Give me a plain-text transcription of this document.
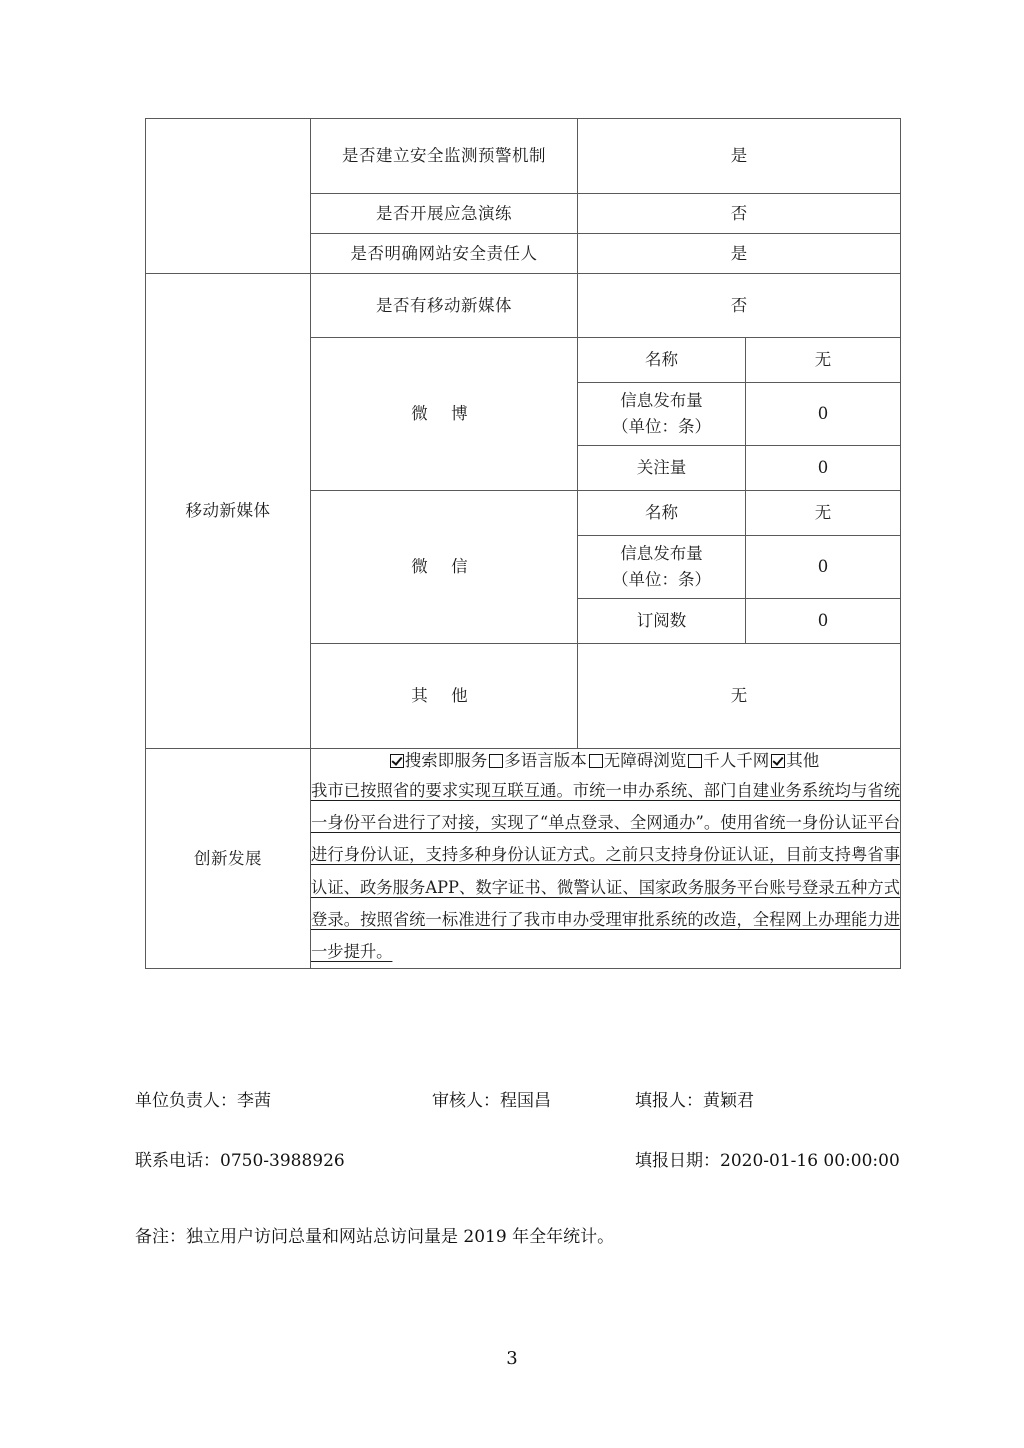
	是否建立安全监测预警机制	是	
	是否开展应急演练	否	
	是否明确网站安全责任人	是	
移动新媒体	是否有移动新媒体	否	
	微 博	名称	无

		信息发布量
（单位：条）	0
		关注量	0
	微 信	名称	无

		信息发布量
（单位：条）	0
		订阅数	0
	其 他	无	
创新发展	搜索即服务 多语言版本 无障碍浏览 千人千网 其他

我市已按照省的要求实现互联互通。市统一申办系统、部门自建业务系统均与省统一身份平台进行了对接，实现了“单点登录、全网通办”。使用省统一身份认证平台进行身份认证，支持多种身份认证方式。之前只支持身份证认证，目前支持粤省事认证、政务服务APP、数字证书、微警认证、国家政务服务平台账号登录五种方式登录。按照省统一标准进行了我市申办受理审批系统的改造，全程网上办理能力进一步提升。		

单位负责人：李茜	审核人：程国昌	填报人：黄颖君
联系电话：0750-3988926	填报日期：2020-01-16 00:00:00
备注：独立用户访问总量和网站总访问量是 2019 年全年统计。
3
